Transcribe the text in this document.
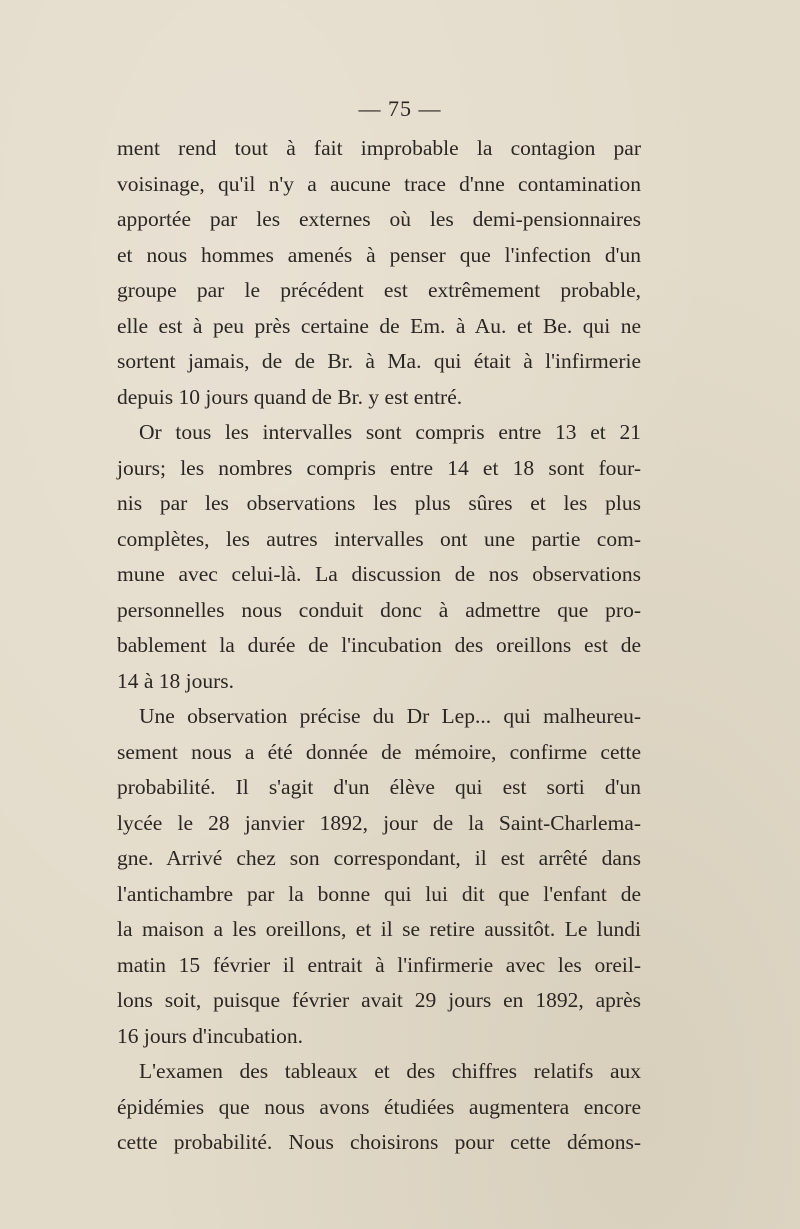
— 75 —
ment rend tout à fait improbable la contagion par
voisinage, qu'il n'y a aucune trace d'nne contamination
apportée par les externes où les demi-pensionnaires
et nous hommes amenés à penser que l'infection d'un
groupe par le précédent est extrêmement probable,
elle est à peu près certaine de Em. à Au. et Be. qui ne
sortent jamais, de de Br. à Ma. qui était à l'infirmerie
depuis 10 jours quand de Br. y est entré.
Or tous les intervalles sont compris entre 13 et 21
jours; les nombres compris entre 14 et 18 sont four-
nis par les observations les plus sûres et les plus
complètes, les autres intervalles ont une partie com-
mune avec celui-là. La discussion de nos observations
personnelles nous conduit donc à admettre que pro-
bablement la durée de l'incubation des oreillons est de
14 à 18 jours.
Une observation précise du Dr Lep... qui malheureu-
sement nous a été donnée de mémoire, confirme cette
probabilité. Il s'agit d'un élève qui est sorti d'un
lycée le 28 janvier 1892, jour de la Saint-Charlema-
gne. Arrivé chez son correspondant, il est arrêté dans
l'antichambre par la bonne qui lui dit que l'enfant de
la maison a les oreillons, et il se retire aussitôt. Le lundi
matin 15 février il entrait à l'infirmerie avec les oreil-
lons soit, puisque février avait 29 jours en 1892, après
16 jours d'incubation.
L'examen des tableaux et des chiffres relatifs aux
épidémies que nous avons étudiées augmentera encore
cette probabilité. Nous choisirons pour cette démons-
